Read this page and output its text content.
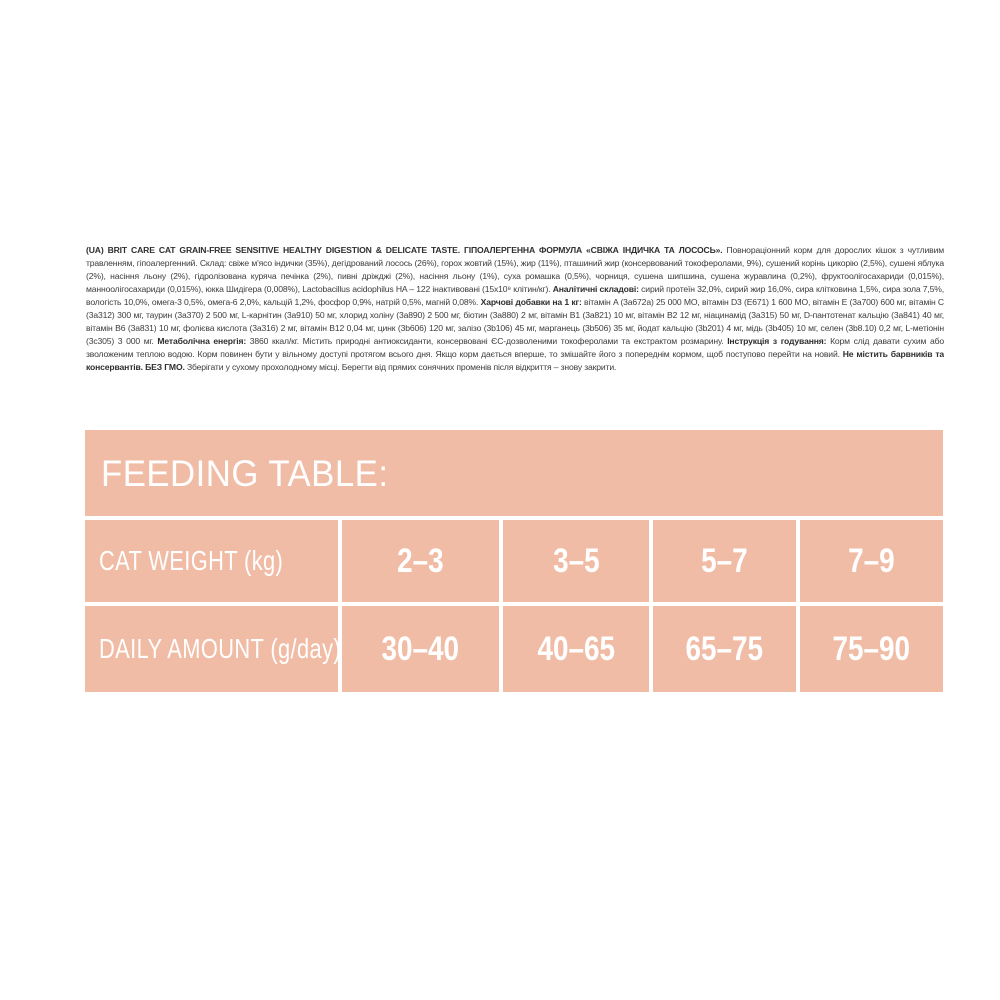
(UA) BRIT CARE CAT GRAIN-FREE SENSITIVE HEALTHY DIGESTION & DELICATE TASTE. ГІПОАЛЕРГЕННА ФОРМУЛА «СВІЖА ІНДИЧКА ТА ЛОСОСЬ». Повнораціонний корм для дорослих кішок з чутливим травленням, гіпоалергенний. Склад: свіже м'ясо індички (35%), дегідрований лосось (26%), горох жовтий (15%), жир (11%), пташиний жир (консервований токоферолами, 9%), сушений корінь цикорію (2,5%), сушені яблука (2%), насіння льону (2%), гідролізована куряча печінка (2%), пивні дріжджі (2%), насіння льону (1%), суха ромашка (0,5%), чорниця, сушена шипшина, сушена журавлина (0,2%), фруктоолігосахариди (0,015%), манноолігосахариди (0,015%), юкка Шидігера (0,008%), Lactobacillus acidophilus HA – 122 інактивовані (15x10⁹ клітин/кг). Аналітичні складові: сирий протеїн 32,0%, сирий жир 16,0%, сира клітковина 1,5%, сира зола 7,5%, вологість 10,0%, омега-3 0,5%, омега-6 2,0%, кальцій 1,2%, фосфор 0,9%, натрій 0,5%, магній 0,08%. Харчові добавки на 1 кг: вітамін A (3a672a) 25 000 МО, вітамін D3 (E671) 1 600 МО, вітамін E (3a700) 600 мг, вітамін C (3a312) 300 мг, таурин (3a370) 2 500 мг, L-карнітин (3a910) 50 мг, хлорид холіну (3a890) 2 500 мг, біотин (3a880) 2 мг, вітамін B1 (3a821) 10 мг, вітамін B2 12 мг, ніацинамід (3a315) 50 мг, D-пантотенат кальцію (3a841) 40 мг, вітамін B6 (3a831) 10 мг, фолієва кислота (3a316) 2 мг, вітамін B12 0,04 мг, цинк (3b606) 120 мг, залізо (3b106) 45 мг, марганець (3b506) 35 мг, йодат кальцію (3b201) 4 мг, мідь (3b405) 10 мг, селен (3b8.10) 0,2 мг, L-метіонін (3c305) 3 000 мг. Метаболічна енергія: 3860 ккал/кг. Містить природні антиоксиданти, консервовані ЄС-дозволеними токоферолами та екстрактом розмарину. Інструкція з годування: Корм слід давати сухим або зволоженим теплою водою. Корм повинен бути у вільному доступі протягом всього дня. Якщо корм дається вперше, то змішайте його з попереднім кормом, щоб поступово перейти на новий. Не містить барвників та консервантів. БЕЗ ГМО. Зберігати у сухому прохолодному місці. Берегти від прямих сонячних променів після відкриття – знову закрити.
FEEDING TABLE:
CAT WEIGHT (kg)	2–3	3–5	5–7	7–9
DAILY AMOUNT (g/day) 30–40 40–65 65–75 75–90
